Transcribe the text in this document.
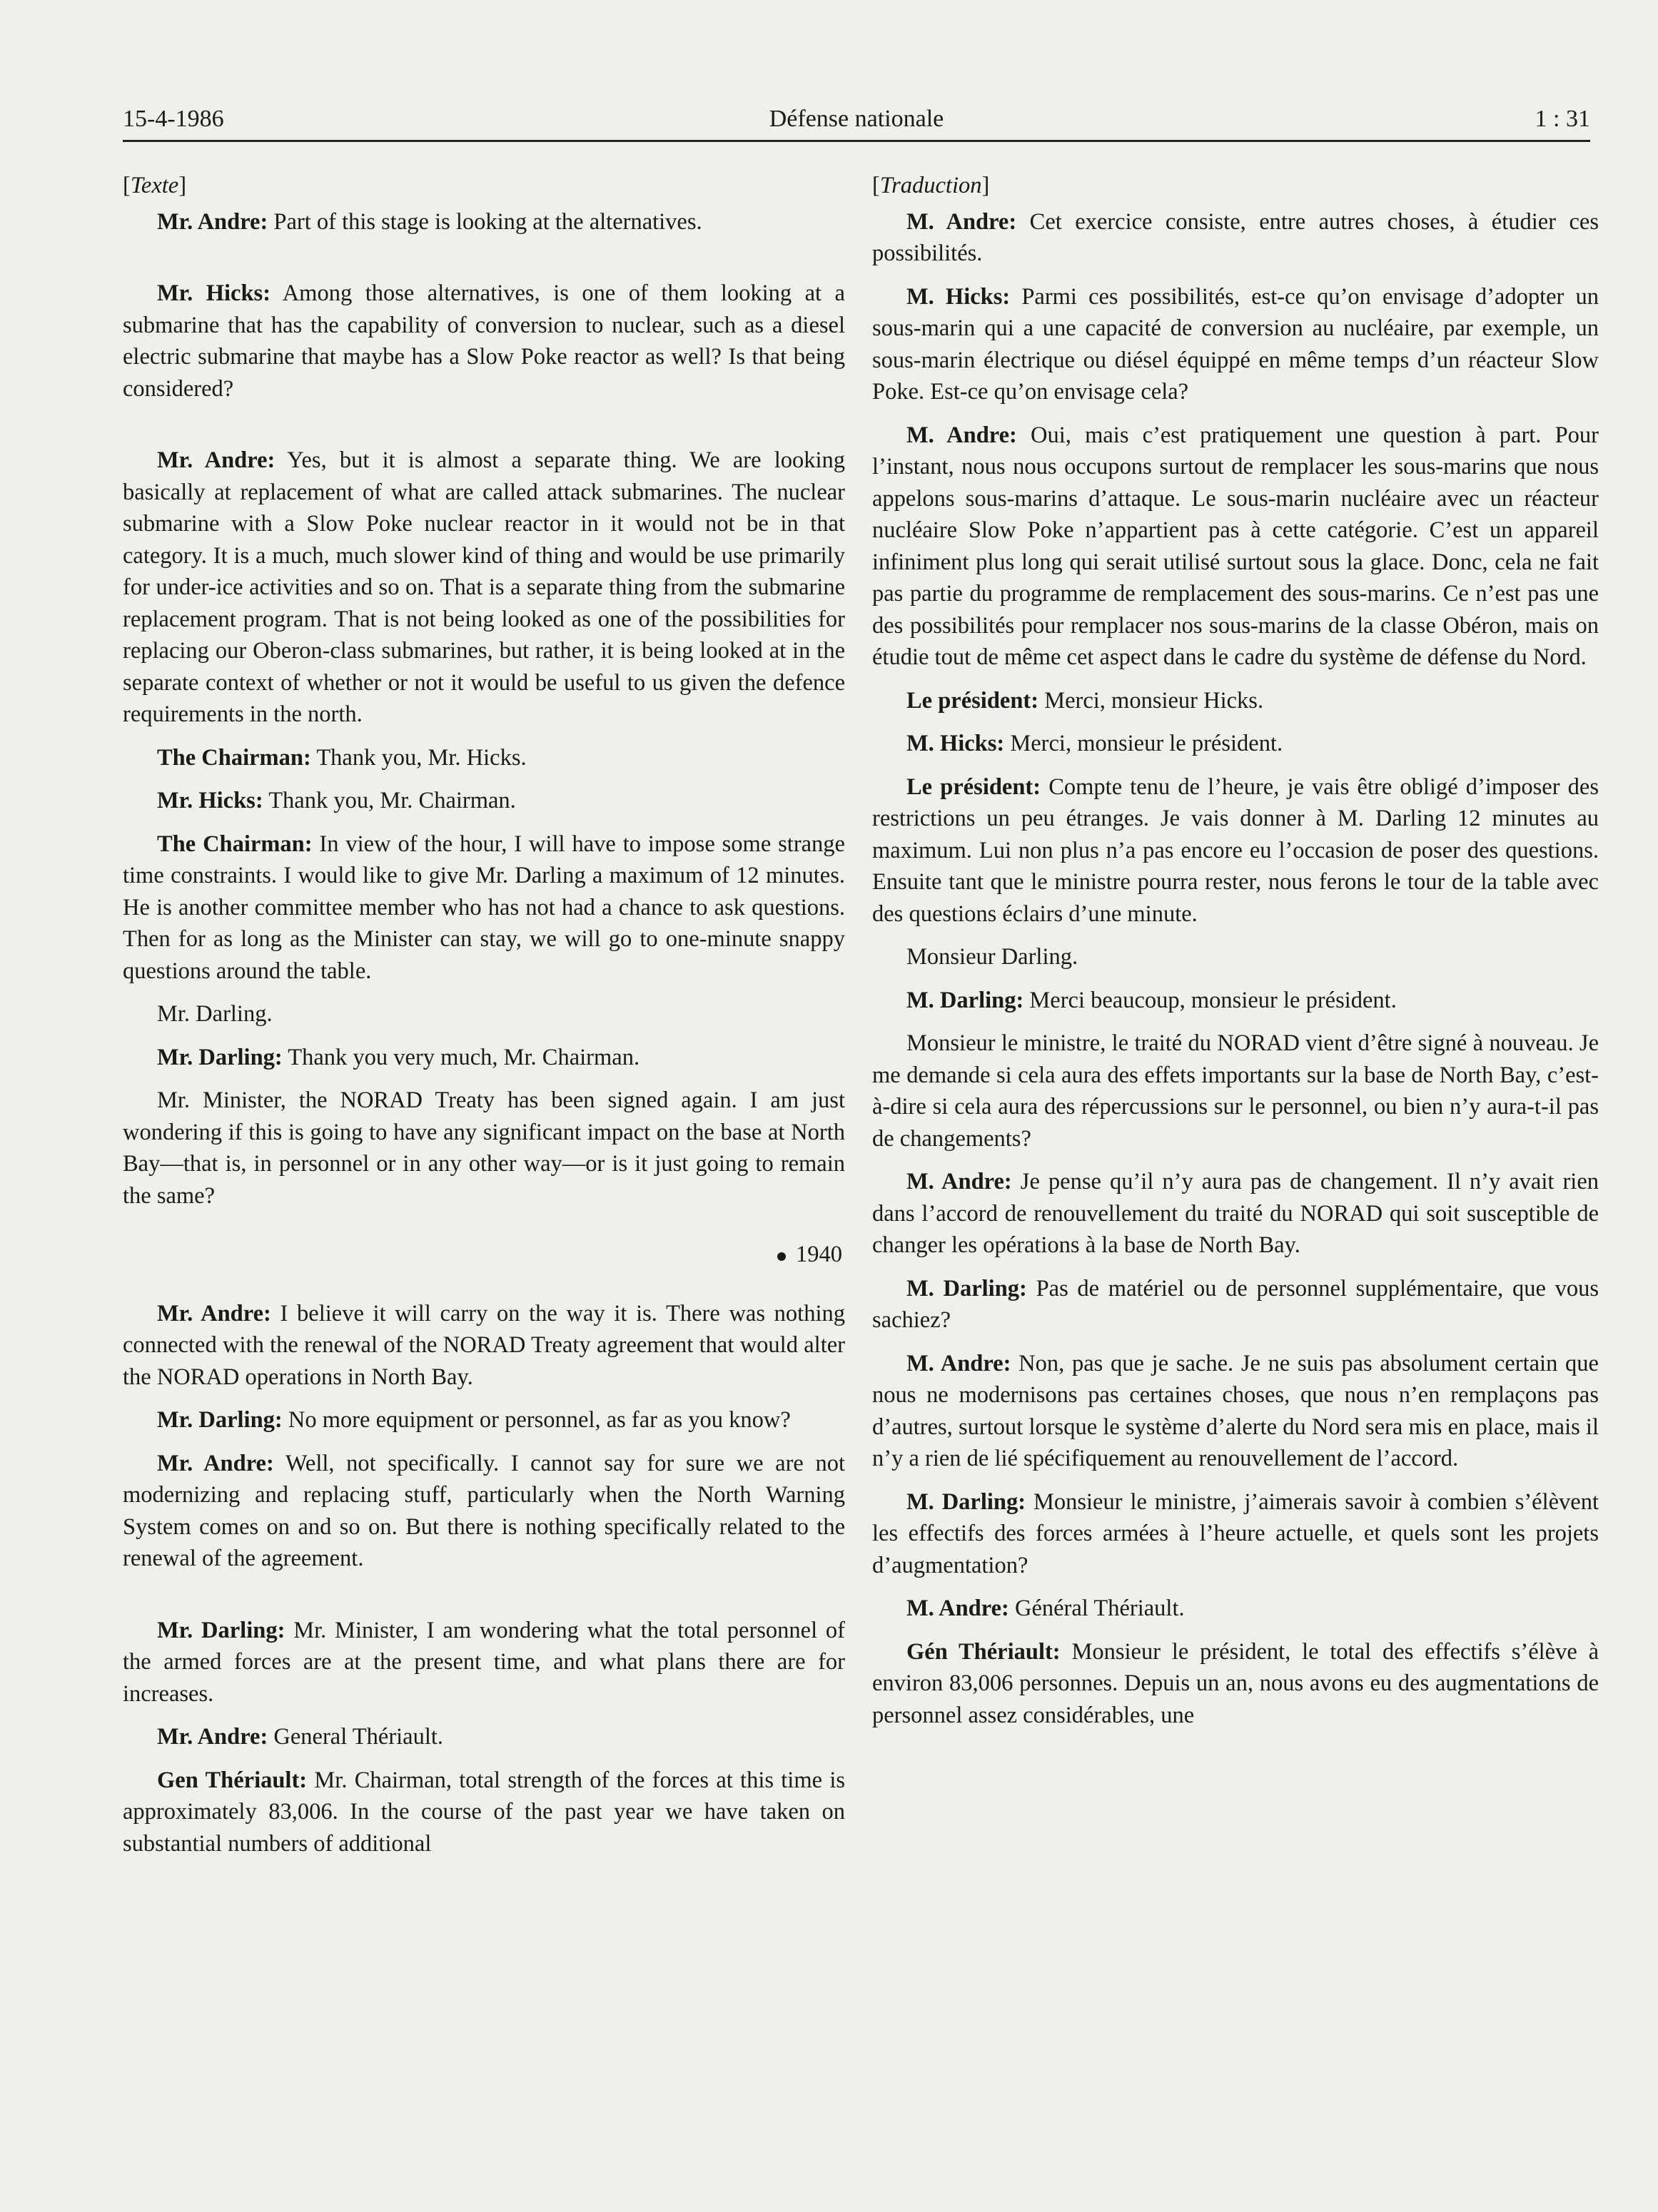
15-4-1986	Défense nationale	1 : 31
[Texte]
Mr. Andre: Part of this stage is looking at the alternatives.
Mr. Hicks: Among those alternatives, is one of them looking at a submarine that has the capability of conversion to nuclear, such as a diesel electric submarine that maybe has a Slow Poke reactor as well? Is that being considered?
Mr. Andre: Yes, but it is almost a separate thing. We are looking basically at replacement of what are called attack submarines. The nuclear submarine with a Slow Poke nuclear reactor in it would not be in that category. It is a much, much slower kind of thing and would be use primarily for under-ice activities and so on. That is a separate thing from the submarine replacement program. That is not being looked as one of the possibilities for replacing our Oberon-class submarines, but rather, it is being looked at in the separate context of whether or not it would be useful to us given the defence requirements in the north.
The Chairman: Thank you, Mr. Hicks.
Mr. Hicks: Thank you, Mr. Chairman.
The Chairman: In view of the hour, I will have to impose some strange time constraints. I would like to give Mr. Darling a maximum of 12 minutes. He is another committee member who has not had a chance to ask questions. Then for as long as the Minister can stay, we will go to one-minute snappy questions around the table.
Mr. Darling.
Mr. Darling: Thank you very much, Mr. Chairman.
Mr. Minister, the NORAD Treaty has been signed again. I am just wondering if this is going to have any significant impact on the base at North Bay—that is, in personnel or in any other way—or is it just going to remain the same?
1940
Mr. Andre: I believe it will carry on the way it is. There was nothing connected with the renewal of the NORAD Treaty agreement that would alter the NORAD operations in North Bay.
Mr. Darling: No more equipment or personnel, as far as you know?
Mr. Andre: Well, not specifically. I cannot say for sure we are not modernizing and replacing stuff, particularly when the North Warning System comes on and so on. But there is nothing specifically related to the renewal of the agreement.
Mr. Darling: Mr. Minister, I am wondering what the total personnel of the armed forces are at the present time, and what plans there are for increases.
Mr. Andre: General Thériault.
Gen Thériault: Mr. Chairman, total strength of the forces at this time is approximately 83,006. In the course of the past year we have taken on substantial numbers of additional
[Traduction]
M. Andre: Cet exercice consiste, entre autres choses, à étudier ces possibilités.
M. Hicks: Parmi ces possibilités, est-ce qu’on envisage d’adopter un sous-marin qui a une capacité de conversion au nucléaire, par exemple, un sous-marin électrique ou diésel équippé en même temps d’un réacteur Slow Poke. Est-ce qu’on envisage cela?
M. Andre: Oui, mais c’est pratiquement une question à part. Pour l’instant, nous nous occupons surtout de remplacer les sous-marins que nous appelons sous-marins d’attaque. Le sous-marin nucléaire avec un réacteur nucléaire Slow Poke n’appartient pas à cette catégorie. C’est un appareil infiniment plus long qui serait utilisé surtout sous la glace. Donc, cela ne fait pas partie du programme de remplacement des sous-marins. Ce n’est pas une des possibilités pour remplacer nos sous-marins de la classe Obéron, mais on étudie tout de même cet aspect dans le cadre du système de défense du Nord.
Le président: Merci, monsieur Hicks.
M. Hicks: Merci, monsieur le président.
Le président: Compte tenu de l’heure, je vais être obligé d’imposer des restrictions un peu étranges. Je vais donner à M. Darling 12 minutes au maximum. Lui non plus n’a pas encore eu l’occasion de poser des questions. Ensuite tant que le ministre pourra rester, nous ferons le tour de la table avec des questions éclairs d’une minute.
Monsieur Darling.
M. Darling: Merci beaucoup, monsieur le président.
Monsieur le ministre, le traité du NORAD vient d’être signé à nouveau. Je me demande si cela aura des effets importants sur la base de North Bay, c’est-à-dire si cela aura des répercussions sur le personnel, ou bien n’y aura-t-il pas de changements?
M. Andre: Je pense qu’il n’y aura pas de changement. Il n’y avait rien dans l’accord de renouvellement du traité du NORAD qui soit susceptible de changer les opérations à la base de North Bay.
M. Darling: Pas de matériel ou de personnel supplémentaire, que vous sachiez?
M. Andre: Non, pas que je sache. Je ne suis pas absolument certain que nous ne modernisons pas certaines choses, que nous n’en remplaçons pas d’autres, surtout lorsque le système d’alerte du Nord sera mis en place, mais il n’y a rien de lié spécifiquement au renouvellement de l’accord.
M. Darling: Monsieur le ministre, j’aimerais savoir à combien s’élèvent les effectifs des forces armées à l’heure actuelle, et quels sont les projets d’augmentation?
M. Andre: Général Thériault.
Gén Thériault: Monsieur le président, le total des effectifs s’élève à environ 83,006 personnes. Depuis un an, nous avons eu des augmentations de personnel assez considérables, une
